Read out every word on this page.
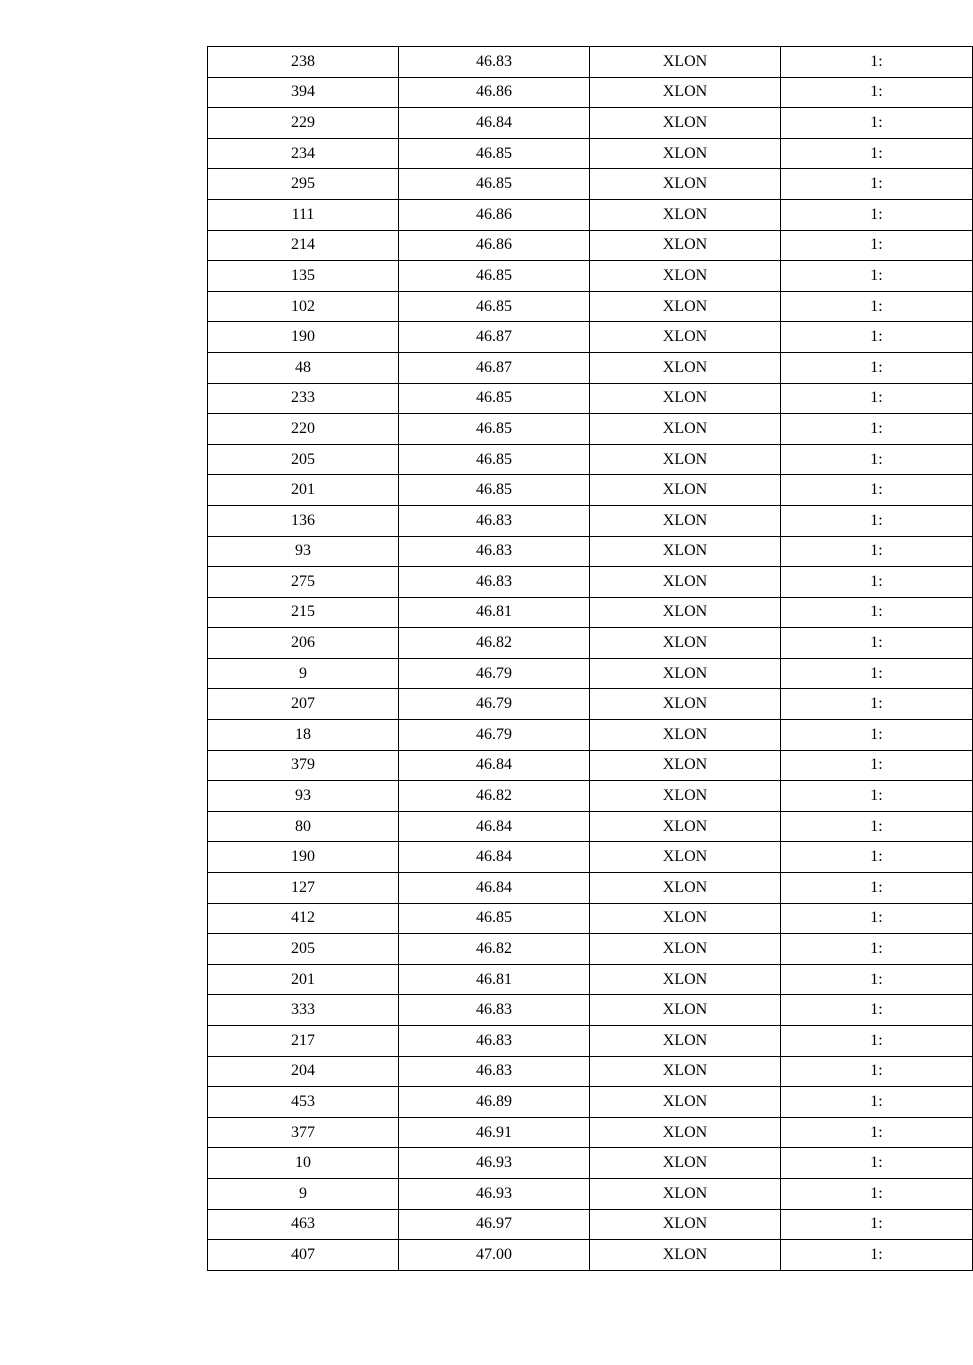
238	46.83	XLON	1:
394	46.86	XLON	1:
229	46.84	XLON	1:
234	46.85	XLON	1:
295	46.85	XLON	1:
111	46.86	XLON	1:
214	46.86	XLON	1:
135	46.85	XLON	1:
102	46.85	XLON	1:
190	46.87	XLON	1:
48	46.87	XLON	1:
233	46.85	XLON	1:
220	46.85	XLON	1:
205	46.85	XLON	1:
201	46.85	XLON	1:
136	46.83	XLON	1:
93	46.83	XLON	1:
275	46.83	XLON	1:
215	46.81	XLON	1:
206	46.82	XLON	1:
9	46.79	XLON	1:
207	46.79	XLON	1:
18	46.79	XLON	1:
379	46.84	XLON	1:
93	46.82	XLON	1:
80	46.84	XLON	1:
190	46.84	XLON	1:
127	46.84	XLON	1:
412	46.85	XLON	1:
205	46.82	XLON	1:
201	46.81	XLON	1:
333	46.83	XLON	1:
217	46.83	XLON	1:
204	46.83	XLON	1:
453	46.89	XLON	1:
377	46.91	XLON	1:
10	46.93	XLON	1:
9	46.93	XLON	1:
463	46.97	XLON	1:
407	47.00	XLON	1:
